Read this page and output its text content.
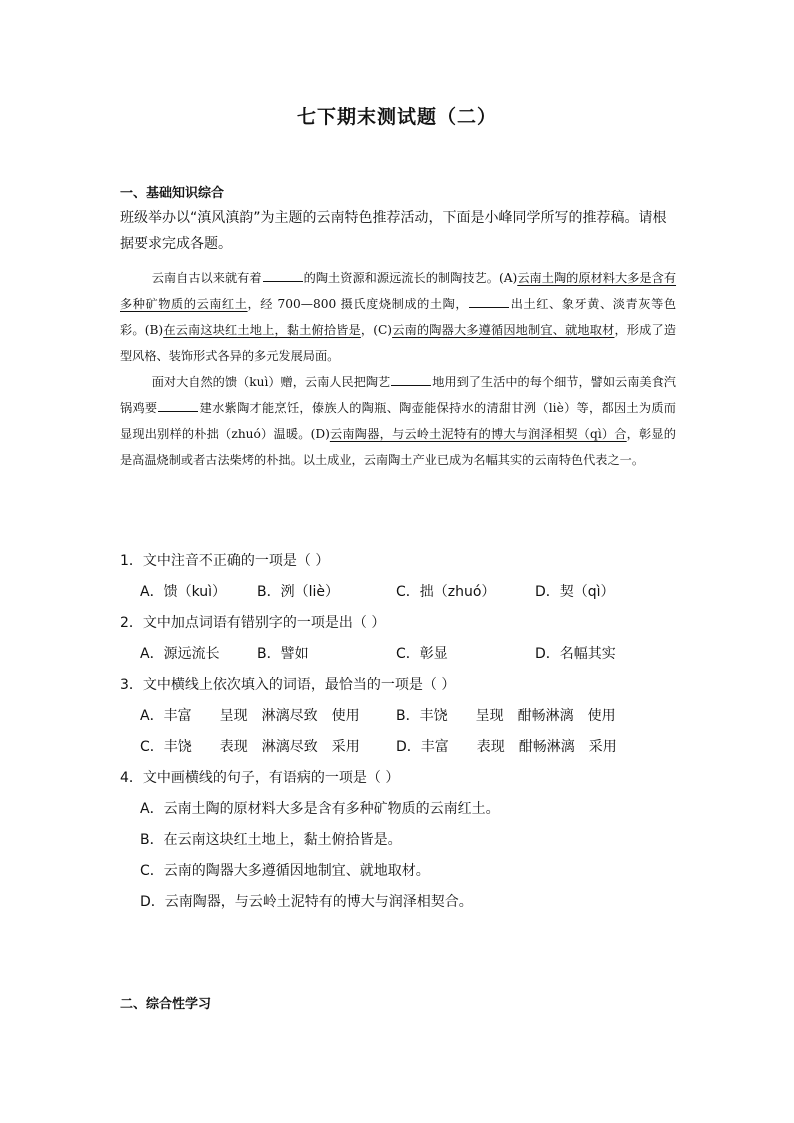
七下期末测试题（二）
一、基础知识综合
班级举办以“滇风滇韵”为主题的云南特色推荐活动，下面是小峰同学所写的推荐稿。请根据要求完成各题。

云南自古以来就有着	的陶土资源和源远流长的制陶技艺。(A)云南土陶的原材料大多是含有多种矿物质的云南红土，经 700—800 摄氏度烧制成的土陶，	出土红、象牙黄、淡青灰等色彩。(B)在云南这块红土地上，黏土俯拾皆是，(C)云南的陶器大多遵循因地制宜、就地取材，形成了造型风格、装饰形式各异的多元发展局面。

面对大自然的馈（kuì）赠，云南人民把陶艺	地用到了生活中的每个细节，譬如云南美食汽锅鸡要	建水紫陶才能烹饪，傣族人的陶瓶、陶壶能保持水的清甜甘洌（liè）等，都因土为质而显现出别样的朴拙（zhuó）温暖。(D)云南陶器，与云岭土泥特有的博大与润泽相契（qì）合，彰显的是高温烧制或者古法柴烤的朴拙。以土成业，云南陶土产业已成为名幅其实的云南特色代表之一。

1．文中注音不正确的一项是（ ）
A．馈（kuì） B．洌（liè）	C．拙（zhuó）	D．契（qì）
2．文中加点词语有错别字的一项是出（ ）
A．源远流长	B．譬如	C．彰显	D．名幅其实
3．文中横线上依次填入的词语，最恰当的一项是（ ）
A．丰富　　呈现　淋漓尽致　使用	B．丰饶　　呈现　酣畅淋漓　使用
C．丰饶　　表现　淋漓尽致　采用	D．丰富　　表现　酣畅淋漓　采用
4．文中画横线的句子，有语病的一项是（ ）
A．云南土陶的原材料大多是含有多种矿物质的云南红土。
B．在云南这块红土地上，黏土俯拾皆是。
C．云南的陶器大多遵循因地制宜、就地取材。
D．云南陶器，与云岭土泥特有的博大与润泽相契合。
二、综合性学习
